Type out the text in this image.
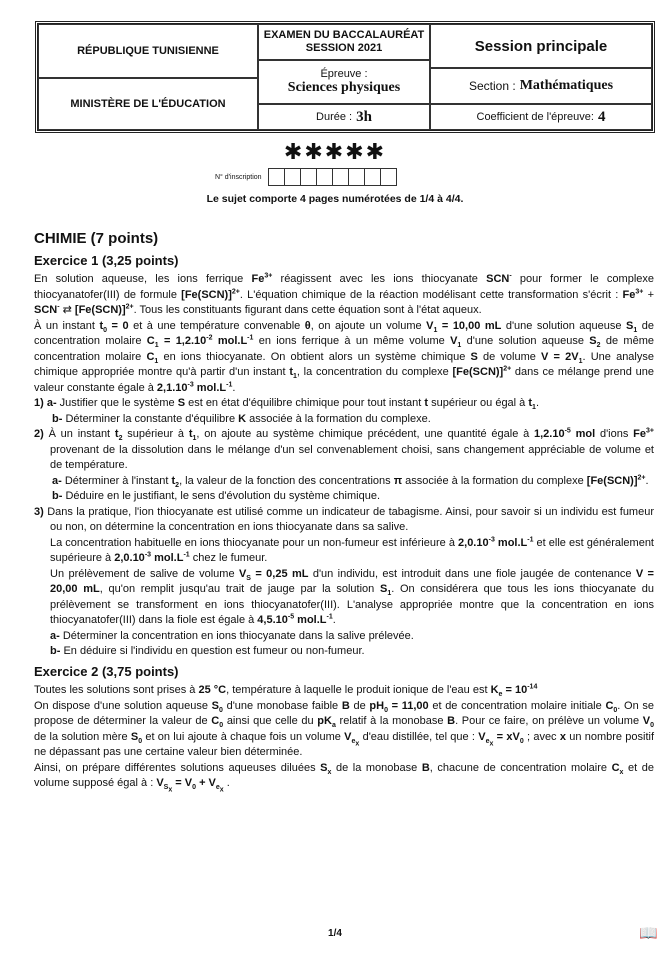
RÉPUBLIQUE TUNISIENNE
MINISTÈRE DE L'ÉDUCATION
EXAMEN DU BACCALAURÉAT
SESSION 2021
Épreuve :
Sciences physiques
Durée : 3h
Session principale
Section : Mathématiques
Coefficient de l'épreuve: 4
✱✱✱✱✱
N° d'inscription
Le sujet comporte 4 pages numérotées de 1/4 à 4/4.
CHIMIE (7 points)
Exercice 1 (3,25 points)

En solution aqueuse, les ions ferrique $Fe^{3+}$ réagissent avec les ions thiocyanate SCN- pour former le complexe thiocyanatofer(III) de formule $[Fe(SCN)]^{2+}$. L'équation chimique de la réaction modélisant cette transformation s'écrit : $Fe^{3+} + SCN^-$ ⇄ $[Fe(SCN)]^{2+}$. Tous les constituants figurant dans cette équation sont à l'état aqueux.

À un instant $t_0 = 0$ et à une température convenable θ, on ajoute un volume $V_1 = 10,00$ mL d'une solution aqueuse $S_1$ de concentration molaire $C_1 = 1,2.10^{-2}$ $mol.L^{-1}$ en ions ferrique à un même volume $V_1$ d'une solution aqueuse $S_2$ de même concentration molaire $C_1$ en ions thiocyanate. On obtient alors un système chimique S de volume $V = 2V_1$. Une analyse chimique appropriée montre qu'à partir d'un instant $t_1$, la concentration du complexe $[Fe(SCN)]^{2+}$ dans ce mélange prend une valeur constante égale à $2,1.10^{-3}$ $mol.L^{-1}$.

1) a- Justifier que le système S est en état d'équilibre chimique pour tout instant t supérieur ou égal à $t_1$.

b- Déterminer la constante d'équilibre K associée à la formation du complexe.

2) À un instant $t_2$ supérieur à $t_1$, on ajoute au système chimique précédent, une quantité égale à $1,2.10^{-5}$ mol d'ions $Fe^{3+}$ provenant de la dissolution dans le mélange d'un sel convenablement choisi, sans changement appréciable de volume et de température.

a- Déterminer à l'instant $t_2$, la valeur de la fonction des concentrations π associée à la formation du complexe $[Fe(SCN)]^{2+}$.

b- Déduire en le justifiant, le sens d'évolution du système chimique.

3) Dans la pratique, l'ion thiocyanate est utilisé comme un indicateur de tabagisme. Ainsi, pour savoir si un individu est fumeur ou non, on détermine la concentration en ions thiocyanate dans sa salive.

La concentration habituelle en ions thiocyanate pour un non-fumeur est inférieure à $2,0.10^{-3}$ $mol.L^{-1}$ et elle est généralement supérieure à $2,0.10^{-3}$ $mol.L^{-1}$ chez le fumeur.

Un prélèvement de salive de volume $V_S = 0,25$ mL d'un individu, est introduit dans une fiole jaugée de contenance V = 20,00 mL, qu'on remplit jusqu'au trait de jauge par la solution $S_1$. On considérera que tous les ions thiocyanate du prélèvement se transforment en ions thiocyanatofer(III). L'analyse appropriée montre que la concentration en ions thiocyanatofer(III) dans la fiole est égale à $4,5.10^{-5}$ $mol.L^{-1}$.

a- Déterminer la concentration en ions thiocyanate dans la salive prélevée.

b- En déduire si l'individu en question est fumeur ou non-fumeur.

Exercice 2 (3,75 points)

Toutes les solutions sont prises à 25 °C, température à laquelle le produit ionique de l'eau est $K_e = 10^{-14}$

On dispose d'une solution aqueuse $S_0$ d'une monobase faible B de $pH_0 = 11,00$ et de concentration molaire initiale $C_0$. On se propose de déterminer la valeur de $C_0$ ainsi que celle du $pK_a$ relatif à la monobase B. Pour ce faire, on prélève un volume $V_0$ de la solution mère $S_0$ et on lui ajoute à chaque fois un volume $V_{e_x}$ d'eau distillée, tel que : $V_{e_x} = xV_0$ ; avec x un nombre positif ne dépassant pas une certaine valeur bien déterminée.

Ainsi, on prépare différentes solutions aqueuses diluées $S_x$ de la monobase B, chacune de concentration molaire $C_x$ et de volume supposé égal à : $V_{S_x} = V_0 + V_{e_x}$ .

1/4	📖
